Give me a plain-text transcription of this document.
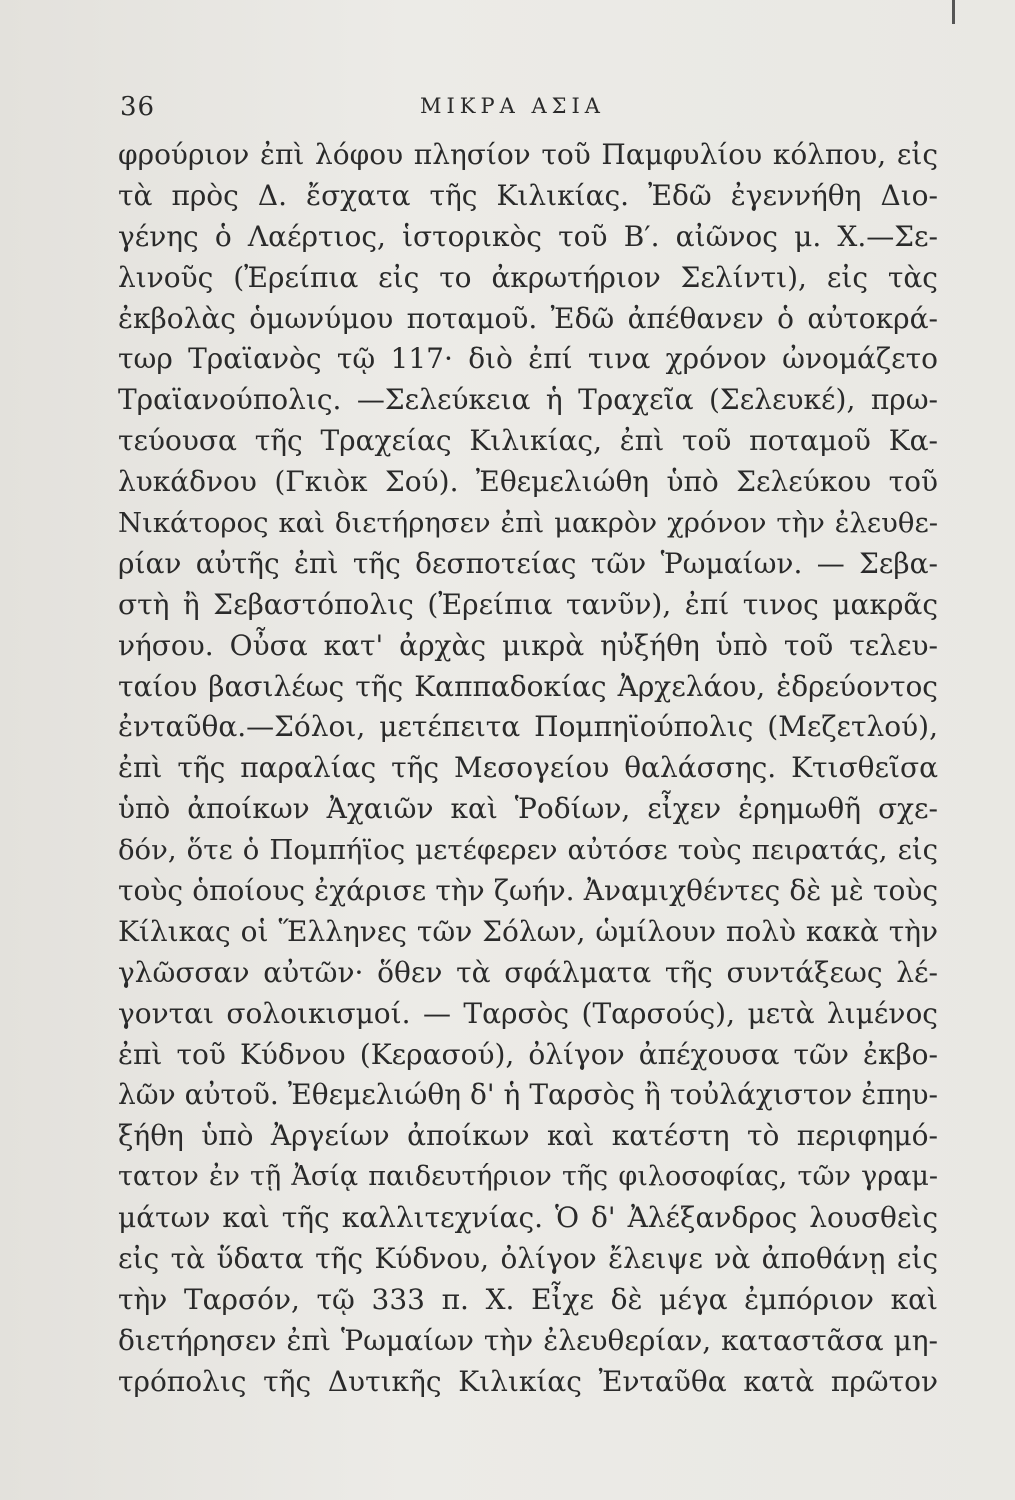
36	ΜΙΚΡΑ ΑΣΙΑ
φρούριον ἐπὶ λόφου πλησίον τοῦ Παμφυλίου κόλπου, εἰς
τὰ πρὸς Δ. ἔσχατα τῆς Κιλικίας. Ἐδῶ ἐγεννήθη Διο-
γένης ὁ Λαέρτιος, ἱστορικὸς τοῦ Β′. αἰῶνος μ. Χ.—Σε-
λινοῦς (Ἐρείπια εἰς το ἀκρωτήριον Σελίντι), εἰς τὰς
ἐκβολὰς ὁμωνύμου ποταμοῦ. Ἐδῶ ἀπέθανεν ὁ αὐτοκρά-
τωρ Τραϊανὸς τῷ 117· διὸ ἐπί τινα χρόνον ὠνομάζετο
Τραϊανούπολις. —Σελεύκεια ἡ Τραχεῖα (Σελευκέ), πρω-
τεύουσα τῆς Τραχείας Κιλικίας, ἐπὶ τοῦ ποταμοῦ Κα-
λυκάδνου (Γκιὸκ Σού). Ἐθεμελιώθη ὑπὸ Σελεύκου τοῦ
Νικάτορος καὶ διετήρησεν ἐπὶ μακρὸν χρόνον τὴν ἐλευθε-
ρίαν αὐτῆς ἐπὶ τῆς δεσποτείας τῶν Ῥωμαίων. — Σεβα-
στὴ ἢ Σεβαστόπολις (Ἐρείπια τανῦν), ἐπί τινος μακρᾶς
νήσου. Οὖσα κατ' ἀρχὰς μικρὰ ηὐξήθη ὑπὸ τοῦ τελευ-
ταίου βασιλέως τῆς Καππαδοκίας Ἀρχελάου, ἑδρεύοντος
ἐνταῦθα.—Σόλοι, μετέπειτα Πομπηϊούπολις (Μεζετλού),
ἐπὶ τῆς παραλίας τῆς Μεσογείου θαλάσσης. Κτισθεῖσα
ὑπὸ ἀποίκων Ἀχαιῶν καὶ Ῥοδίων, εἶχεν ἐρημωθῆ σχε-
δόν, ὅτε ὁ Πομπήϊος μετέφερεν αὐτόσε τοὺς πειρατάς, εἰς
τοὺς ὁποίους ἐχάρισε τὴν ζωήν. Ἀναμιχθέντες δὲ μὲ τοὺς
Κίλικας οἱ Ἕλληνες τῶν Σόλων, ὡμίλουν πολὺ κακὰ τὴν
γλῶσσαν αὐτῶν· ὅθεν τὰ σφάλματα τῆς συντάξεως λέ-
γονται σολοικισμοί. — Ταρσὸς (Ταρσούς), μετὰ λιμένος
ἐπὶ τοῦ Κύδνου (Κερασού), ὀλίγον ἀπέχουσα τῶν ἐκβο-
λῶν αὐτοῦ. Ἐθεμελιώθη δ' ἡ Ταρσὸς ἢ τοὐλάχιστον ἐπηυ-
ξήθη ὑπὸ Ἀργείων ἀποίκων καὶ κατέστη τὸ περιφημό-
τατον ἐν τῇ Ἀσίᾳ παιδευτήριον τῆς φιλοσοφίας, τῶν γραμ-
μάτων καὶ τῆς καλλιτεχνίας. Ὁ δ' Ἀλέξανδρος λουσθεὶς
εἰς τὰ ὕδατα τῆς Κύδνου, ὀλίγον ἔλειψε νὰ ἀποθάνῃ εἰς
τὴν Ταρσόν, τῷ 333 π. Χ. Εἶχε δὲ μέγα ἐμπόριον καὶ
διετήρησεν ἐπὶ Ῥωμαίων τὴν ἐλευθερίαν, καταστᾶσα μη-
τρόπολις τῆς Δυτικῆς Κιλικίας Ἐνταῦθα κατὰ πρῶτον
